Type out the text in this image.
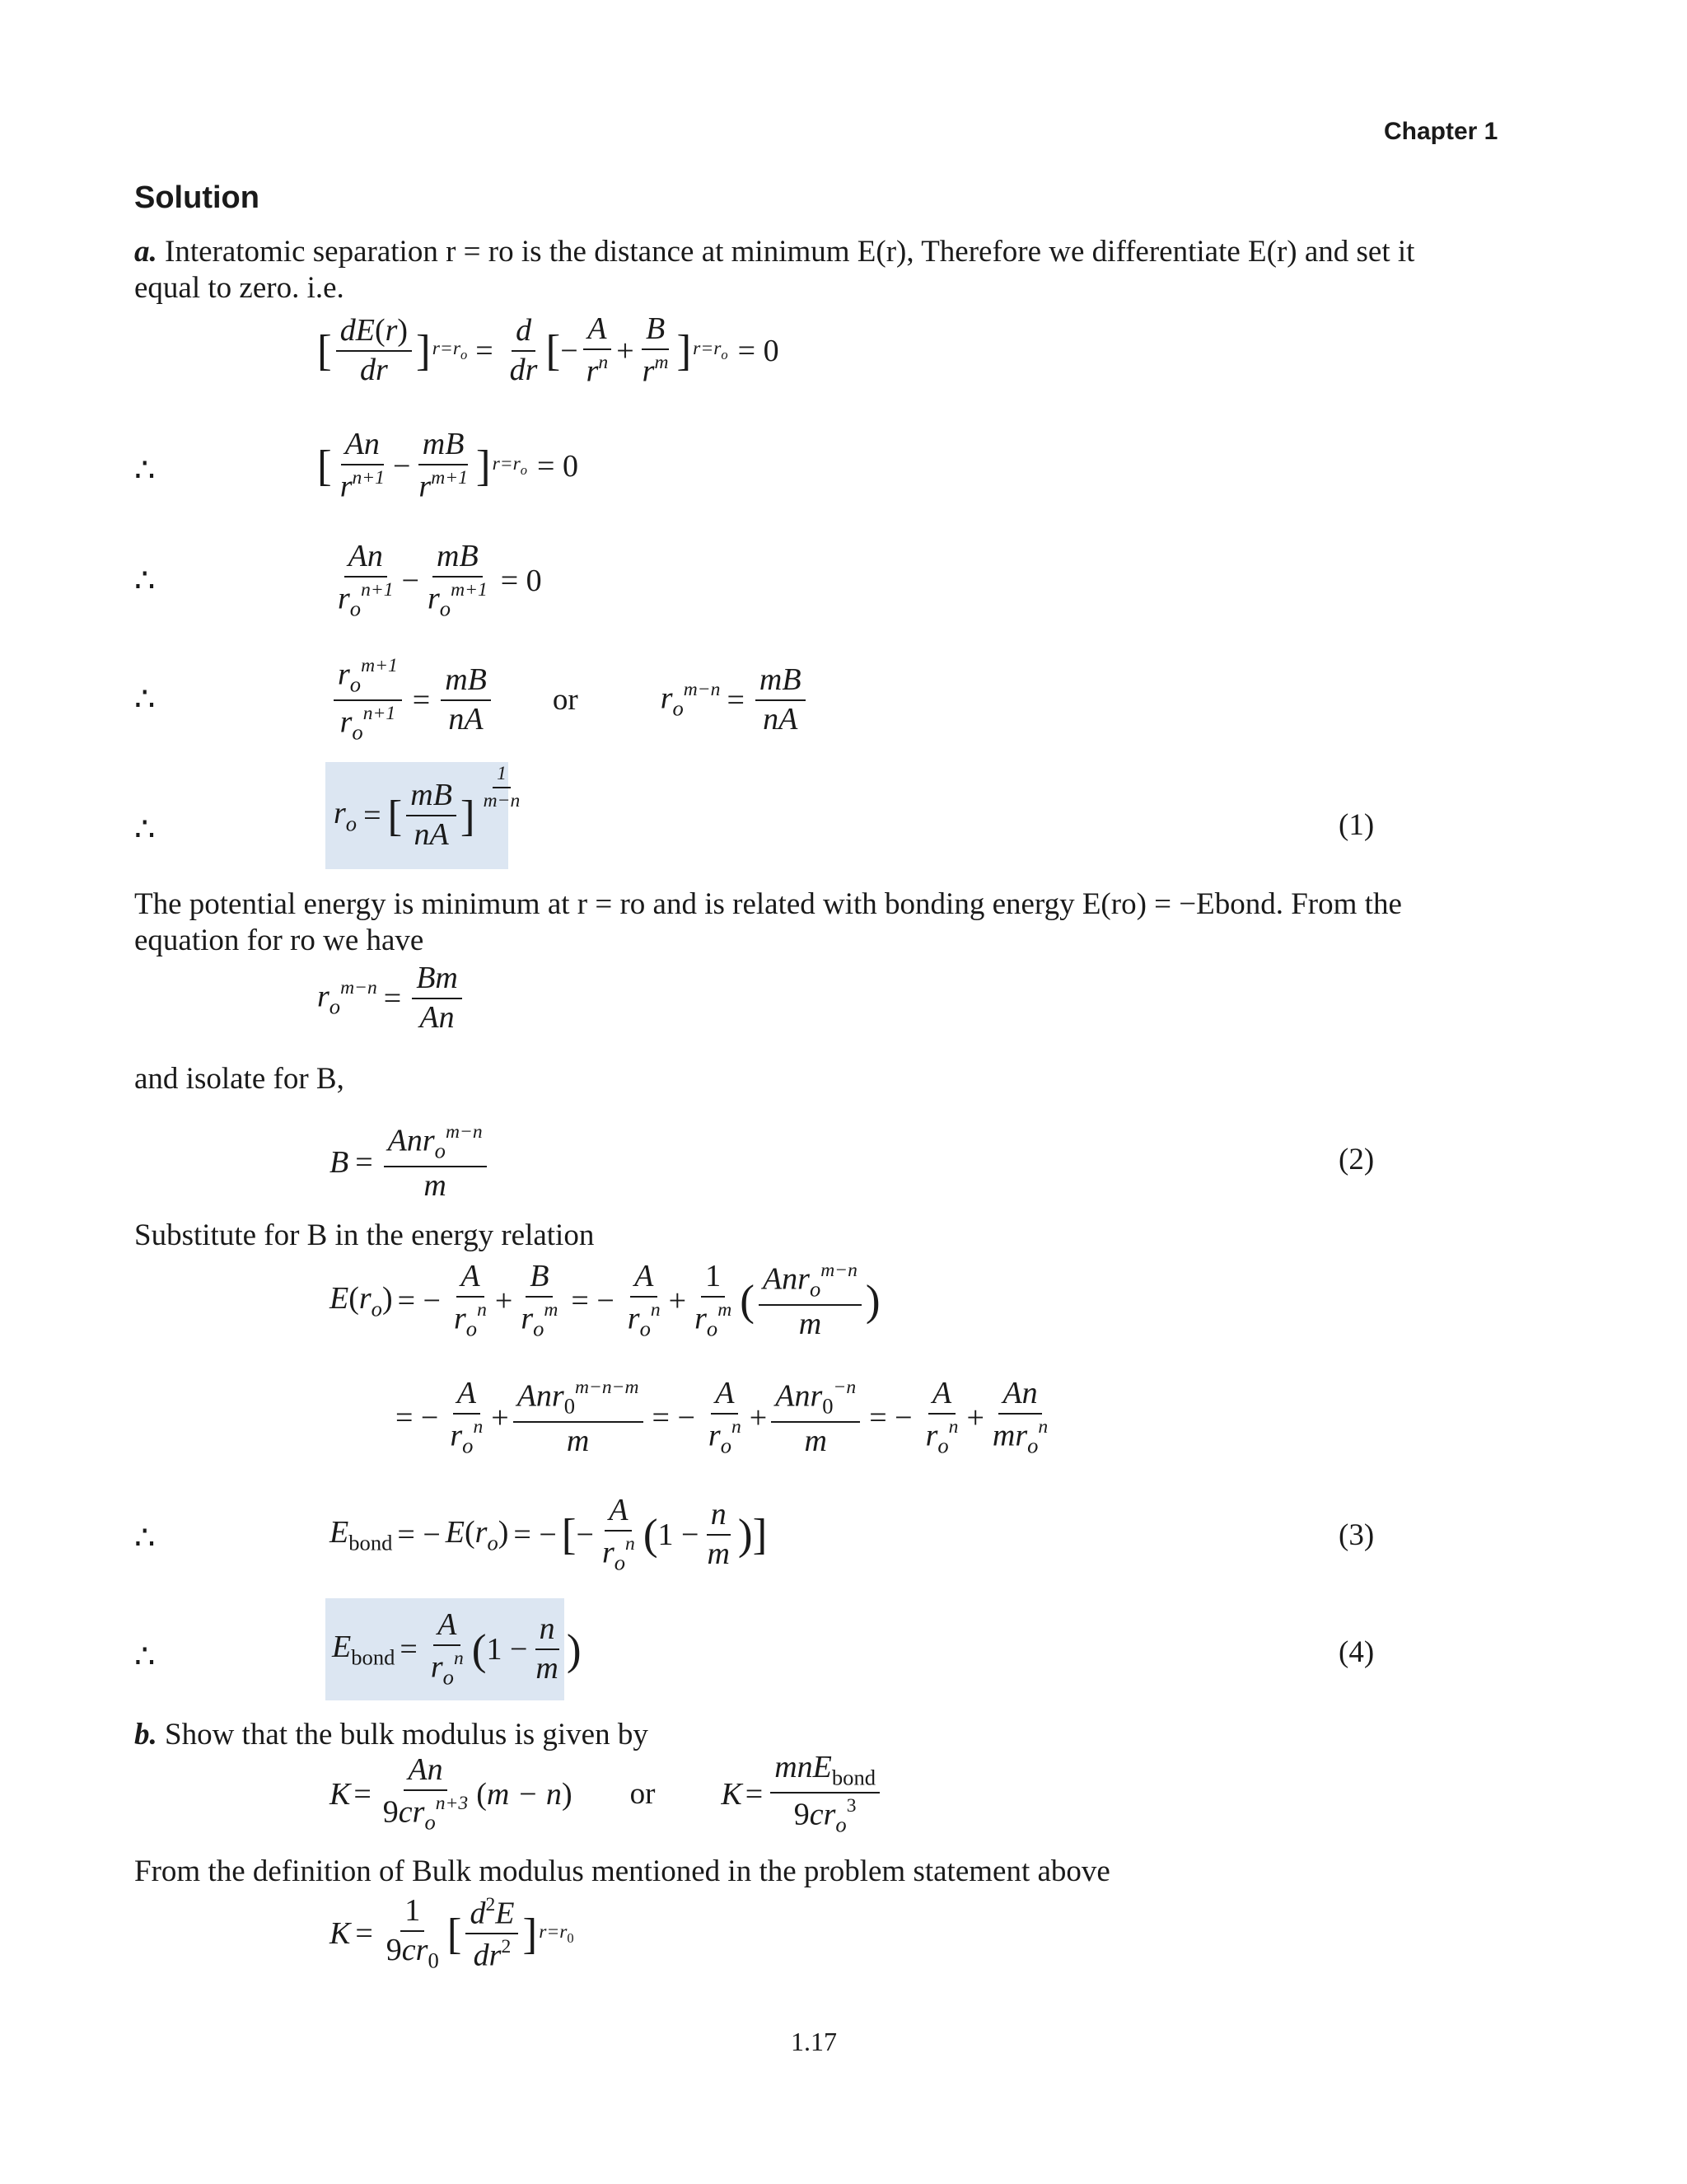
Chapter 1
Solution
a. Interatomic separation r = ro is the distance at minimum E(r), Therefore we differentiate E(r) and set it
equal to zero. i.e.
[ $\frac{dE(r)}{dr}$ ] $r=r_o = \frac{d}{dr}$ [ − $\frac{A}{r^n} + \frac{B}{r^m}$ ] $r=r_o = 0$
∴	[ $\frac{An}{r^{n+1}} - \frac{mB}{r^{m+1}}$ ] $r=r_o = 0$
∴	$\frac{An}{r_o^{n+1}} - \frac{mB}{r_o^{m+1}} = 0$
∴	$\frac{r_o^{m+1}}{r_o^{n+1}} = \frac{mB}{nA}$ or	$r_o^{m-n} = \frac{mB}{nA}$
∴	$r_o$ = [ $\frac{mB}{nA}$ ]
$\frac{1}{m-n}$
(1)
The potential energy is minimum at r = ro and is related with bonding energy E(ro) = −Ebond. From the
equation for ro we have
$r_o^{m-n} = \frac{Bm}{An}$
and isolate for B,
$B = \frac{Anr_o^{m-n}}{m}$	(2)
Substitute for B in the energy relation
$E(r_o)$ = − $\frac{A}{r_o^n} + \frac{B}{r_o^m}$ = − $\frac{A}{r_o^n} + \frac{1}{r_o^m}$ ( $\frac{Anr_o^{m-n}}{m}$ )
= − $\frac{A}{r_o^n} + \frac{Anr_0^{m-n-m}}{m}$ = − $\frac{A}{r_o^n} + \frac{Anr_0^{-n}}{m}$ = − $\frac{A}{r_o^n} + \frac{An}{mr_o^n}$
∴	$E_{bond}$ = − $E(r_o)$ = − [ − $\frac{A}{r_o^n}$ ( $1 - \frac{n}{m}$ ) ]	(3)
∴	$E_{bond} = \frac{A}{r_o^n}$ ( $1 - \frac{n}{m}$ )	(4)
b. Show that the bulk modulus is given by
$K = \frac{An}{9cr_o^{n+3}}$ ( m − n ) or $K = \frac{mnE_{bond}}{9cr_o^3}$
From the definition of Bulk modulus mentioned in the problem statement above
$K = \frac{1}{9cr_0}$ [ $\frac{d^2E}{dr^2}$ ] $r=r_0$
1.17
